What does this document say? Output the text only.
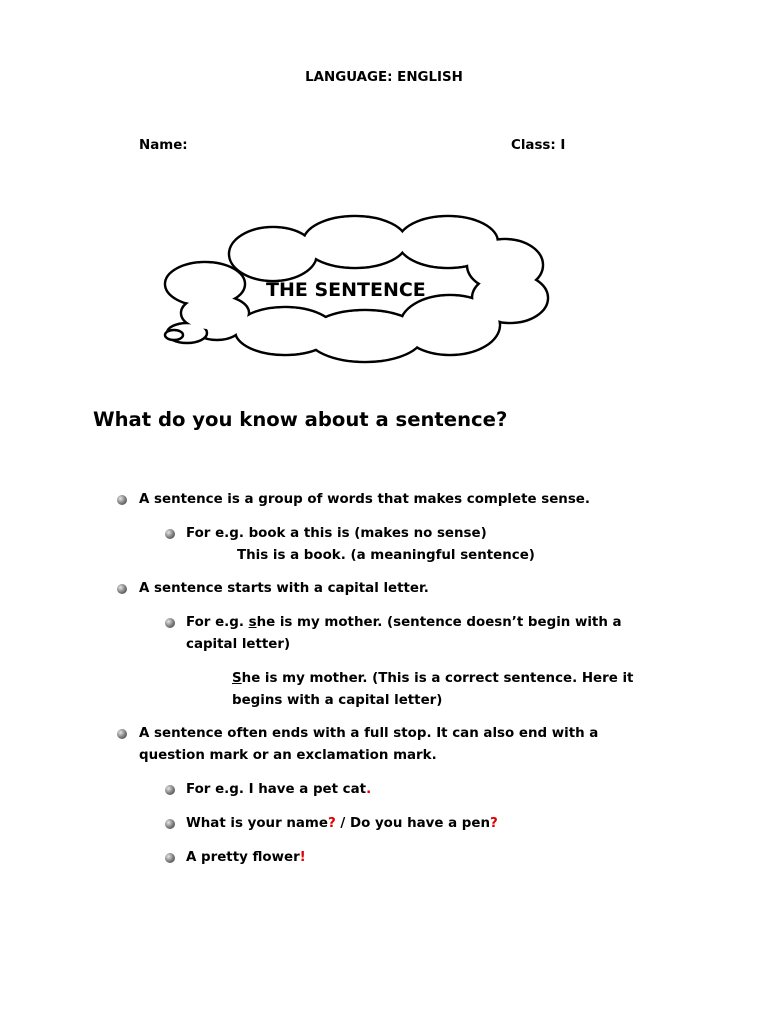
LANGUAGE: ENGLISH
Name:	Class: I
THE SENTENCE
What do you know about a sentence?
A sentence is a group of words that makes complete sense.
For e.g. book a this is (makes no sense)
This is a book. (a meaningful sentence)
A sentence starts with a capital letter.
For e.g. she is my mother. (sentence doesn’t begin with a
capital letter)
She is my mother. (This is a correct sentence. Here it
begins with a capital letter)
A sentence often ends with a full stop. It can also end with a
question mark or an exclamation mark.
For e.g. I have a pet cat.
What is your name? / Do you have a pen?
A pretty flower!
